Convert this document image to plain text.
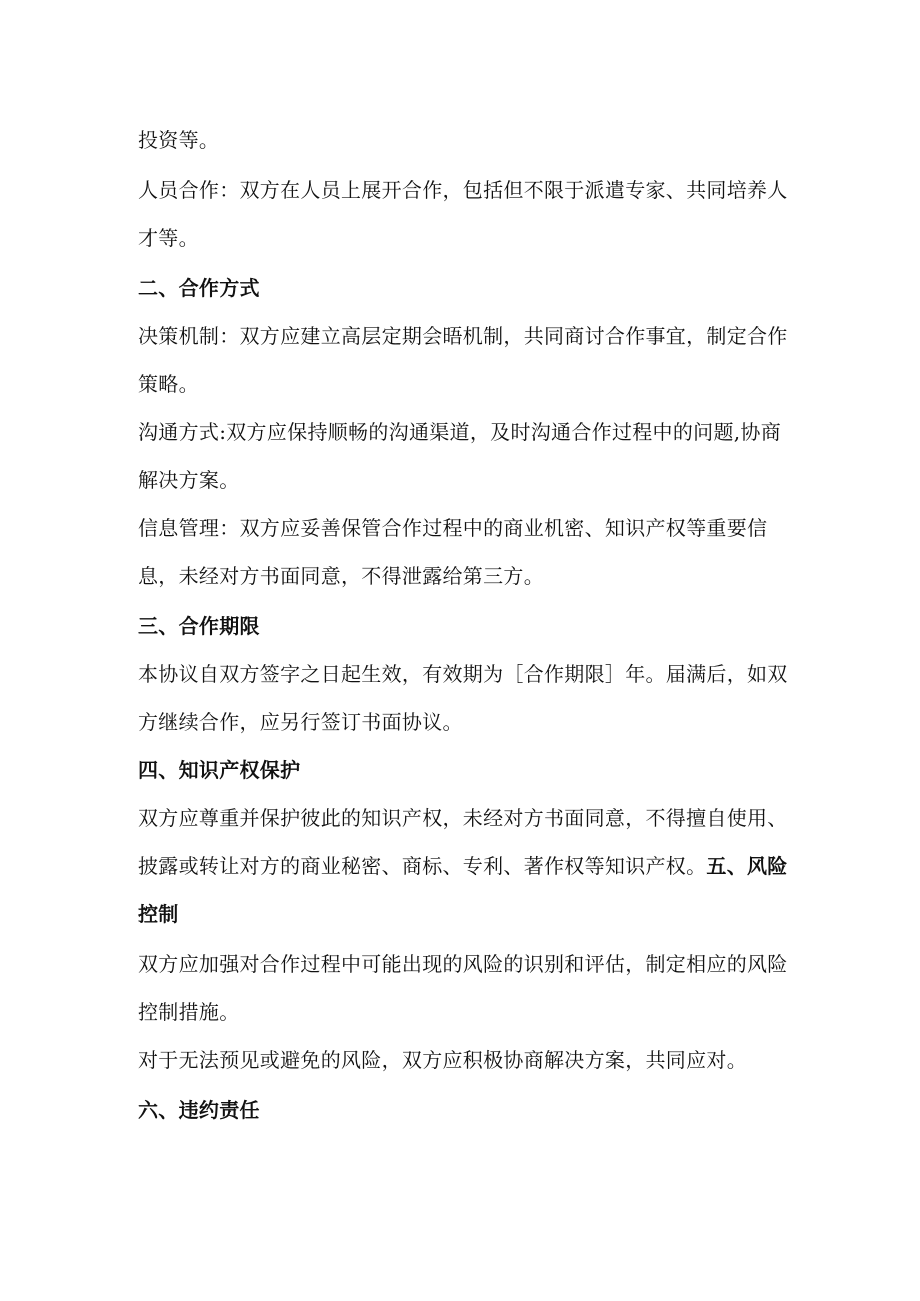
投资等。

人员合作：双方在人员上展开合作，包括但不限于派遣专家、共同培养人才等。

二、合作方式

决策机制：双方应建立高层定期会晤机制，共同商讨合作事宜，制定合作策略。

沟通方式:双方应保持顺畅的沟通渠道，及时沟通合作过程中的问题,协商解决方案。

信息管理：双方应妥善保管合作过程中的商业机密、知识产权等重要信息，未经对方书面同意，不得泄露给第三方。

三、合作期限

本协议自双方签字之日起生效，有效期为［合作期限］年。届满后，如双方继续合作，应另行签订书面协议。

四、知识产权保护

双方应尊重并保护彼此的知识产权，未经对方书面同意，不得擅自使用、披露或转让对方的商业秘密、商标、专利、著作权等知识产权。五、风险控制

双方应加强对合作过程中可能出现的风险的识别和评估，制定相应的风险控制措施。

对于无法预见或避免的风险，双方应积极协商解决方案，共同应对。

六、违约责任
